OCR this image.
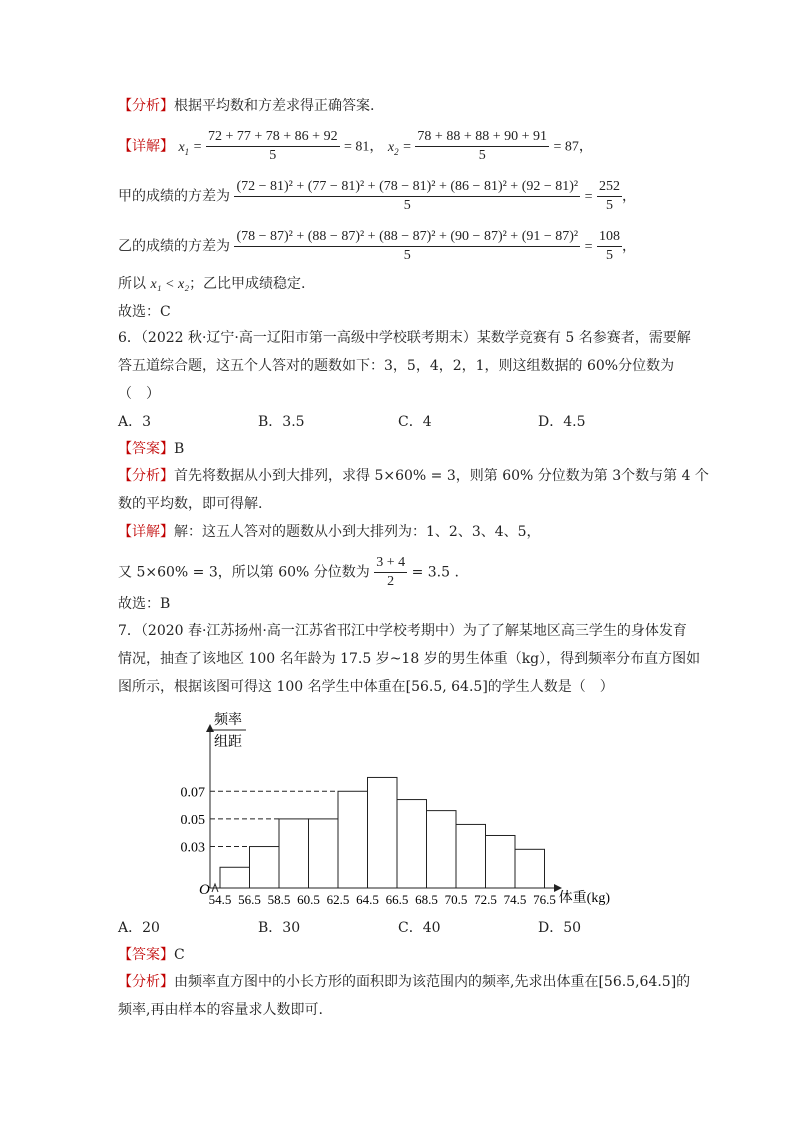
【分析】根据平均数和方差求得正确答案.
【详解】 $x_1 = \frac{72 + 77 + 78 + 86 + 92}{5} = 81$， $x_2 = \frac{78 + 88 + 88 + 90 + 91}{5} = 87$，
甲的成绩的方差为
(72 − 81)² + (77 − 81)² + (78 − 81)² + (86 − 81)² + (92 − 81)²
5
= $\frac{252}{5}$ ，
乙的成绩的方差为
(78 − 87)² + (88 − 87)² + (88 − 87)² + (90 − 87)² + (91 − 87)²
5
= $\frac{108}{5}$ ，
所以 x₁ < x₂；乙比甲成绩稳定.
故选：C
6．（2022 秋·辽宁·高一辽阳市第一高级中学校联考期末）某数学竞赛有 5 名参赛者，需要解
答五道综合题，这五个人答对的题数如下：3，5，4，2，1，则这组数据的 60%分位数为
（　）
A．3	B．3.5	C．4	D．4.5
【答案】B
【分析】首先将数据从小到大排列，求得 5×60% = 3，则第 60% 分位数为第 3个数与第 4 个
数的平均数，即可得解.
【详解】解：这五人答对的题数从小到大排列为：1、2、3、4、5，
又 5×60% = 3，所以第 60% 分位数为 $\frac{3 + 4}{2} = 3.5$ .
故选：B
7．（2020 春·江苏扬州·高一江苏省邗江中学校考期中）为了了解某地区高三学生的身体发育
情况，抽查了该地区 100 名年龄为 17.5 岁~18 岁的男生体重（kg），得到频率分布直方图如
图所示，根据该图可得这 100 名学生中体重在[56.5, 64.5]的学生人数是（　）
频率
组距
体重(kg)
O
0.03
0.05
0.07
54.5 56.5 58.5 60.5 62.5 64.5 66.5 68.5 70.5 72.5 74.5 76.5
A．20	B．30	C．40	D．50
【答案】C
【分析】由频率直方图中的小长方形的面积即为该范围内的频率,先求出体重在[56.5,64.5]的
频率,再由样本的容量求人数即可.
